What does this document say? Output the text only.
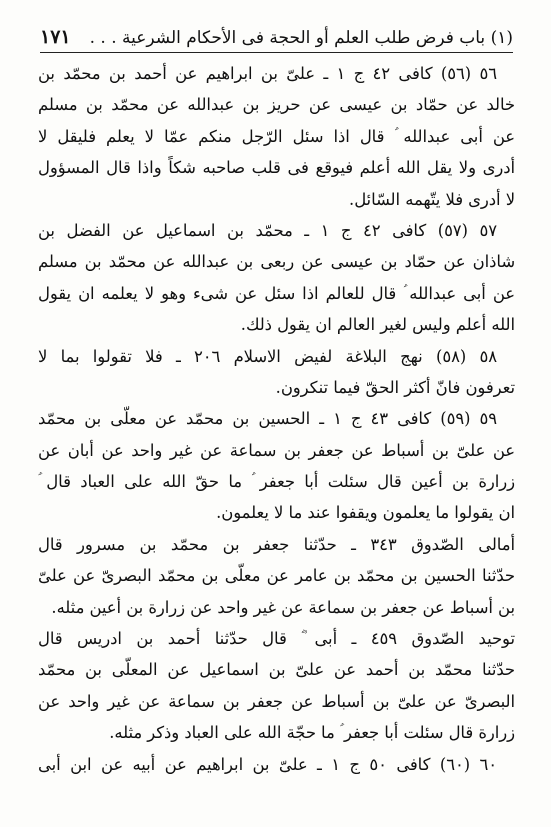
(١) باب فرض طلب العلم أو الحجة فى الأحكام الشرعية . . .
١٧١
٥٦ (٥٦) كافى ٤٢ ج ١ ـ علىّ بن ابراهيم عن أحمد بن محمّد بن
خالد عن حمّاد بن عيسى عن حريز بن عبدالله عن محمّد بن مسلم
عن أبى عبدالله ؑ قال اذا سئل الرّجل منكم عمّا لا يعلم فليقل لا
أدرى ولا يقل الله أعلم فيوقع فى قلب صاحبه شكاً واذا قال المسؤول
لا أدرى فلا يتّهمه السّائل.
٥٧ (٥٧) كافى ٤٢ ج ١ ـ محمّد بن اسماعيل عن الفضل بن
شاذان عن حمّاد بن عيسى عن ربعى بن عبدالله عن محمّد بن مسلم
عن أبى عبدالله ؑ قال للعالم اذا سئل عن شىء وهو لا يعلمه ان يقول
الله أعلم وليس لغير العالم ان يقول ذلك.
٥٨ (٥٨) نهج البلاغة لفيض الاسلام ٢٠٦ ـ فلا تقولوا بما لا
تعرفون فانّ أكثر الحقّ فيما تنكرون.
٥٩ (٥٩) كافى ٤٣ ج ١ ـ الحسين بن محمّد عن معلّى بن محمّد
عن علىّ بن أسباط عن جعفر بن سماعة عن غير واحد عن أبان عن
زرارة بن أعين قال سئلت أبا جعفر ؑ ما حقّ الله على العباد قال ؑ
ان يقولوا ما يعلمون ويقفوا عند ما لا يعلمون.
أمالى الصّدوق ٣٤٣ ـ حدّثنا جعفر بن محمّد بن مسرور قال
حدّثنا الحسين بن محمّد بن عامر عن معلّى بن محمّد البصرىّ عن علىّ
بن أسباط عن جعفر بن سماعة عن غير واحد عن زرارة بن أعين مثله.
توحيد الصّدوق ٤٥٩ ـ أبى ؓ قال حدّثنا أحمد بن ادريس قال
حدّثنا محمّد بن أحمد عن علىّ بن اسماعيل عن المعلّى بن محمّد
البصرىّ عن علىّ بن أسباط عن جعفر بن سماعة عن غير واحد عن
زرارة قال سئلت أبا جعفر ؑ ما حجّة الله على العباد وذكر مثله.
٦٠ (٦٠) كافى ٥٠ ج ١ ـ علىّ بن ابراهيم عن أبيه عن ابن أبى
